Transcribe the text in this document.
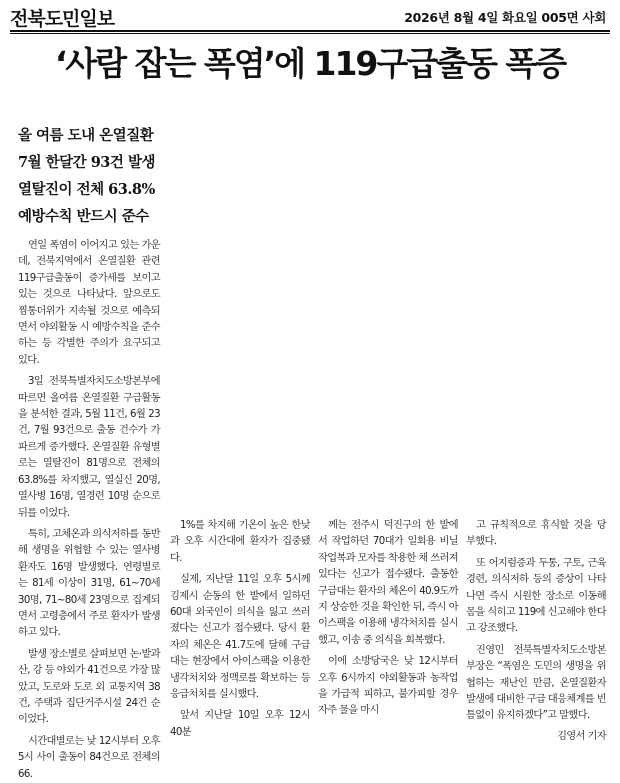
전북도민일보	2026년 8월 4일 화요일 005면 사회
‘사람 잡는 폭염’에 119구급출동 폭증
올 여름 도내 온열질환
7월 한달간 93건 발생
열탈진이 전체 63.8%
예방수칙 반드시 준수

연일 폭염이 이어지고 있는 가운데, 전북지역에서 온열질환 관련 119구급출동이 증가세를 보이고 있는 것으로 나타났다. 앞으로도 찜통더위가 지속될 것으로 예측되면서 야외활동 시 예방수칙을 준수하는 등 각별한 주의가 요구되고 있다.

3일 전북특별자치도소방본부에 따르면 올여름 온열질환 구급활동을 분석한 결과, 5월 11건, 6월 23건, 7월 93건으로 출동 건수가 가파르게 증가했다. 온열질환 유형별로는 열탈진이 81명으로 전체의 63.8%를 차지했고, 열실신 20명, 열사병 16명, 열경련 10명 순으로 뒤를 이었다.

특히, 고체온과 의식저하를 동반해 생명을 위협할 수 있는 열사병 환자도 16명 발생했다. 연령별로는 81세 이상이 31명, 61~70세 30명, 71~80세 23명으로 집계되면서 고령층에서 주로 환자가 발생하고 있다.

발생 장소별로 살펴보면 논·밭과 산, 강 등 야외가 41건으로 가장 많았고, 도로와 도로 외 교통지역 38건, 주택과 집단거주시설 24건 순이었다.

시간대별로는 낮 12시부터 오후 5시 사이 출동이 84건으로 전체의 66.

1%를 차지해 기온이 높은 한낮과 오후 시간대에 환자가 집중됐다.

실제, 지난달 11일 오후 5시께 김제시 순동의 한 밭에서 일하던 60대 외국인이 의식을 잃고 쓰러졌다는 신고가 접수됐다. 당시 환자의 체온은 41.7도에 달해 구급대는 현장에서 아이스팩을 이용한 냉각처치와 정맥로를 확보하는 등 응급처치를 실시했다.

앞서 지난달 10일 오후 12시 40분

께는 전주시 덕진구의 한 밭에서 작업하던 70대가 일회용 비닐작업복과 모자를 착용한 채 쓰러져 있다는 신고가 접수됐다. 출동한 구급대는 환자의 체온이 40.9도까지 상승한 것을 확인한 뒤, 즉시 아이스팩을 이용해 냉각처치를 실시했고, 이송 중 의식을 회복했다.

이에 소방당국은 낮 12시부터 오후 6시까지 야외활동과 농작업을 가급적 피하고, 불가피할 경우 자주 물을 마시

고 규칙적으로 휴식할 것을 당부했다.

또 어지럼증과 두통, 구토, 근육경련, 의식저하 등의 증상이 나타나면 즉시 시원한 장소로 이동해 몸을 식히고 119에 신고해야 한다고 강조했다.

진영민 전북특별자치도소방본부장은 “폭염은 도민의 생명을 위협하는 재난인 만큼, 온열질환자 발생에 대비한 구급 대응체계를 빈틈없이 유지하겠다”고 말했다.

김영서 기자
